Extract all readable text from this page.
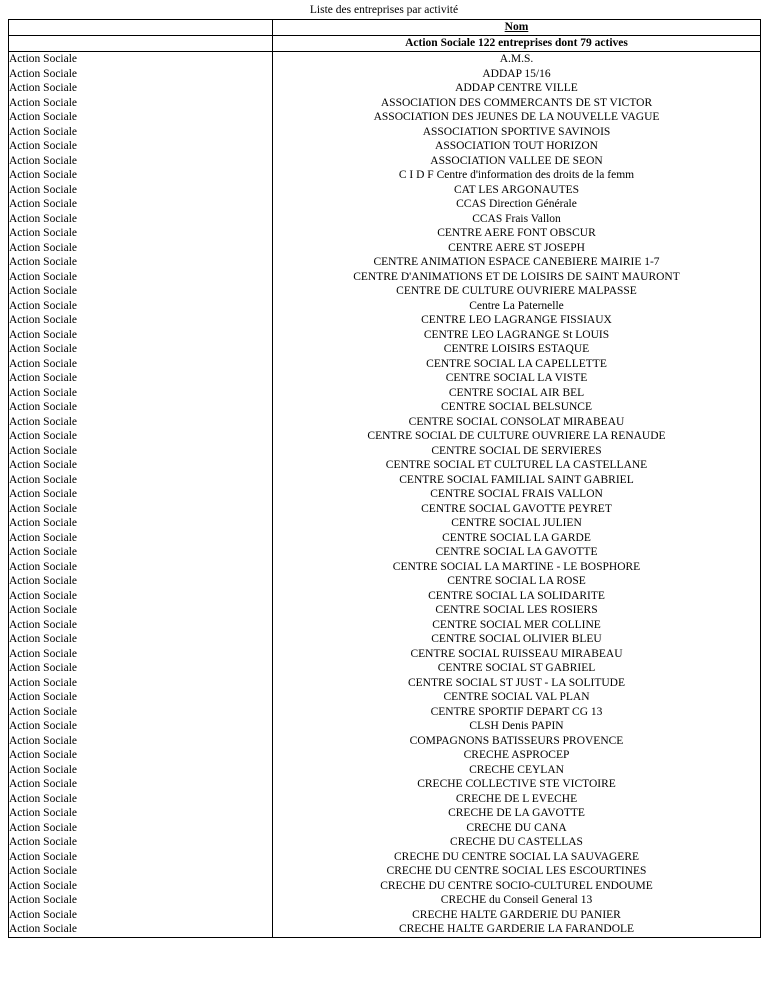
Liste des entreprises par activité
	Nom
	Action Sociale 122 entreprises dont 79 actives
Action Sociale	A.M.S.
Action Sociale	ADDAP 15/16
Action Sociale	ADDAP CENTRE VILLE
Action Sociale	ASSOCIATION DES COMMERCANTS DE ST VICTOR
Action Sociale	ASSOCIATION DES JEUNES DE LA NOUVELLE VAGUE
Action Sociale	ASSOCIATION SPORTIVE SAVINOIS
Action Sociale	ASSOCIATION TOUT HORIZON
Action Sociale	ASSOCIATION VALLEE DE SEON
Action Sociale	C I D F Centre d'information des droits de la femm
Action Sociale	CAT LES ARGONAUTES
Action Sociale	CCAS Direction Générale
Action Sociale	CCAS Frais Vallon
Action Sociale	CENTRE AERE FONT OBSCUR
Action Sociale	CENTRE AERE ST JOSEPH
Action Sociale	CENTRE ANIMATION ESPACE CANEBIERE MAIRIE 1-7
Action Sociale	CENTRE D'ANIMATIONS ET DE LOISIRS DE SAINT MAURONT
Action Sociale	CENTRE DE CULTURE OUVRIERE MALPASSE
Action Sociale	Centre La Paternelle
Action Sociale	CENTRE LEO LAGRANGE FISSIAUX
Action Sociale	CENTRE LEO LAGRANGE St LOUIS
Action Sociale	CENTRE LOISIRS ESTAQUE
Action Sociale	CENTRE SOCIAL LA CAPELLETTE
Action Sociale	CENTRE SOCIAL LA VISTE
Action Sociale	CENTRE SOCIAL AIR BEL
Action Sociale	CENTRE SOCIAL BELSUNCE
Action Sociale	CENTRE SOCIAL CONSOLAT MIRABEAU
Action Sociale	CENTRE SOCIAL DE CULTURE OUVRIERE LA RENAUDE
Action Sociale	CENTRE SOCIAL DE SERVIERES
Action Sociale	CENTRE SOCIAL ET CULTUREL LA CASTELLANE
Action Sociale	CENTRE SOCIAL FAMILIAL SAINT GABRIEL
Action Sociale	CENTRE SOCIAL FRAIS VALLON
Action Sociale	CENTRE SOCIAL GAVOTTE PEYRET
Action Sociale	CENTRE SOCIAL JULIEN
Action Sociale	CENTRE SOCIAL LA GARDE
Action Sociale	CENTRE SOCIAL LA GAVOTTE
Action Sociale	CENTRE SOCIAL LA MARTINE - LE BOSPHORE
Action Sociale	CENTRE SOCIAL LA ROSE
Action Sociale	CENTRE SOCIAL LA SOLIDARITE
Action Sociale	CENTRE SOCIAL LES ROSIERS
Action Sociale	CENTRE SOCIAL MER COLLINE
Action Sociale	CENTRE SOCIAL OLIVIER BLEU
Action Sociale	CENTRE SOCIAL RUISSEAU MIRABEAU
Action Sociale	CENTRE SOCIAL ST GABRIEL
Action Sociale	CENTRE SOCIAL ST JUST - LA SOLITUDE
Action Sociale	CENTRE SOCIAL VAL PLAN
Action Sociale	CENTRE SPORTIF DEPART CG 13
Action Sociale	CLSH Denis PAPIN
Action Sociale	COMPAGNONS BATISSEURS PROVENCE
Action Sociale	CRECHE ASPROCEP
Action Sociale	CRECHE CEYLAN
Action Sociale	CRECHE COLLECTIVE STE VICTOIRE
Action Sociale	CRECHE DE L EVECHE
Action Sociale	CRECHE DE LA GAVOTTE
Action Sociale	CRECHE DU CANA
Action Sociale	CRECHE DU CASTELLAS
Action Sociale	CRECHE DU CENTRE SOCIAL LA SAUVAGERE
Action Sociale	CRECHE DU CENTRE SOCIAL LES ESCOURTINES
Action Sociale	CRECHE DU CENTRE SOCIO-CULTUREL ENDOUME
Action Sociale	CRECHE du Conseil General 13
Action Sociale	CRECHE HALTE GARDERIE DU PANIER
Action Sociale	CRECHE HALTE GARDERIE LA FARANDOLE
